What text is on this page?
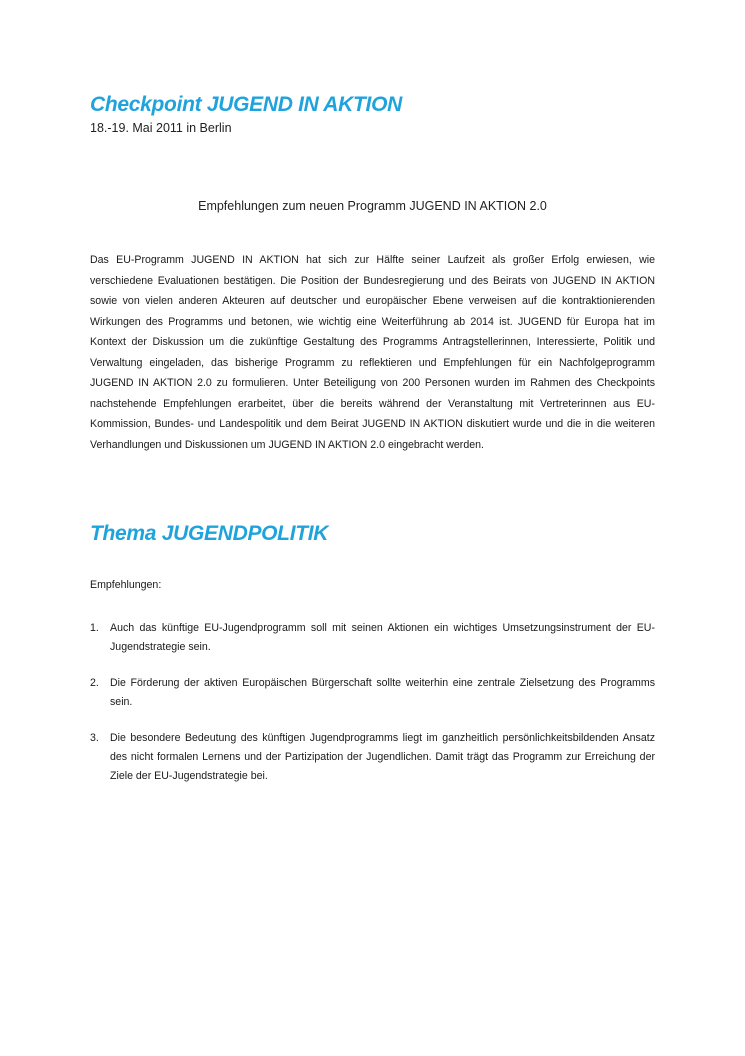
Checkpoint JUGEND IN AKTION

18.-19. Mai 2011 in Berlin

Empfehlungen zum neuen Programm JUGEND IN AKTION 2.0

Das EU-Programm JUGEND IN AKTION hat sich zur Hälfte seiner Laufzeit als großer Erfolg erwiesen, wie verschiedene Evaluationen bestätigen. Die Position der Bundesregierung und des Beirats von JUGEND IN AKTION sowie von vielen anderen Akteuren auf deutscher und europäischer Ebene verweisen auf die kontraktionierenden Wirkungen des Programms und betonen, wie wichtig eine Weiterführung ab 2014 ist. JUGEND für Europa hat im Kontext der Diskussion um die zukünftige Gestaltung des Programms Antragstellerinnen, Interessierte, Politik und Verwaltung eingeladen, das bisherige Programm zu reflektieren und Empfehlungen für ein Nachfolgeprogramm JUGEND IN AKTION 2.0 zu formulieren. Unter Beteiligung von 200 Personen wurden im Rahmen des Checkpoints nachstehende Empfehlungen erarbeitet, über die bereits während der Veranstaltung mit Vertreterinnen aus EU-Kommission, Bundes- und Landespolitik und dem Beirat JUGEND IN AKTION diskutiert wurde und die in die weiteren Verhandlungen und Diskussionen um JUGEND IN AKTION 2.0 eingebracht werden.

Thema JUGENDPOLITIK

Empfehlungen:

1.	Auch das künftige EU-Jugendprogramm soll mit seinen Aktionen ein wichtiges Umsetzungsinstrument der EU-Jugendstrategie sein.
2.	Die Förderung der aktiven Europäischen Bürgerschaft sollte weiterhin eine zentrale Zielsetzung des Programms sein.
3.	Die besondere Bedeutung des künftigen Jugendprogramms liegt im ganzheitlich persönlichkeitsbildenden Ansatz des nicht formalen Lernens und der Partizipation der Jugendlichen. Damit trägt das Programm zur Erreichung der Ziele der EU-Jugendstrategie bei.
